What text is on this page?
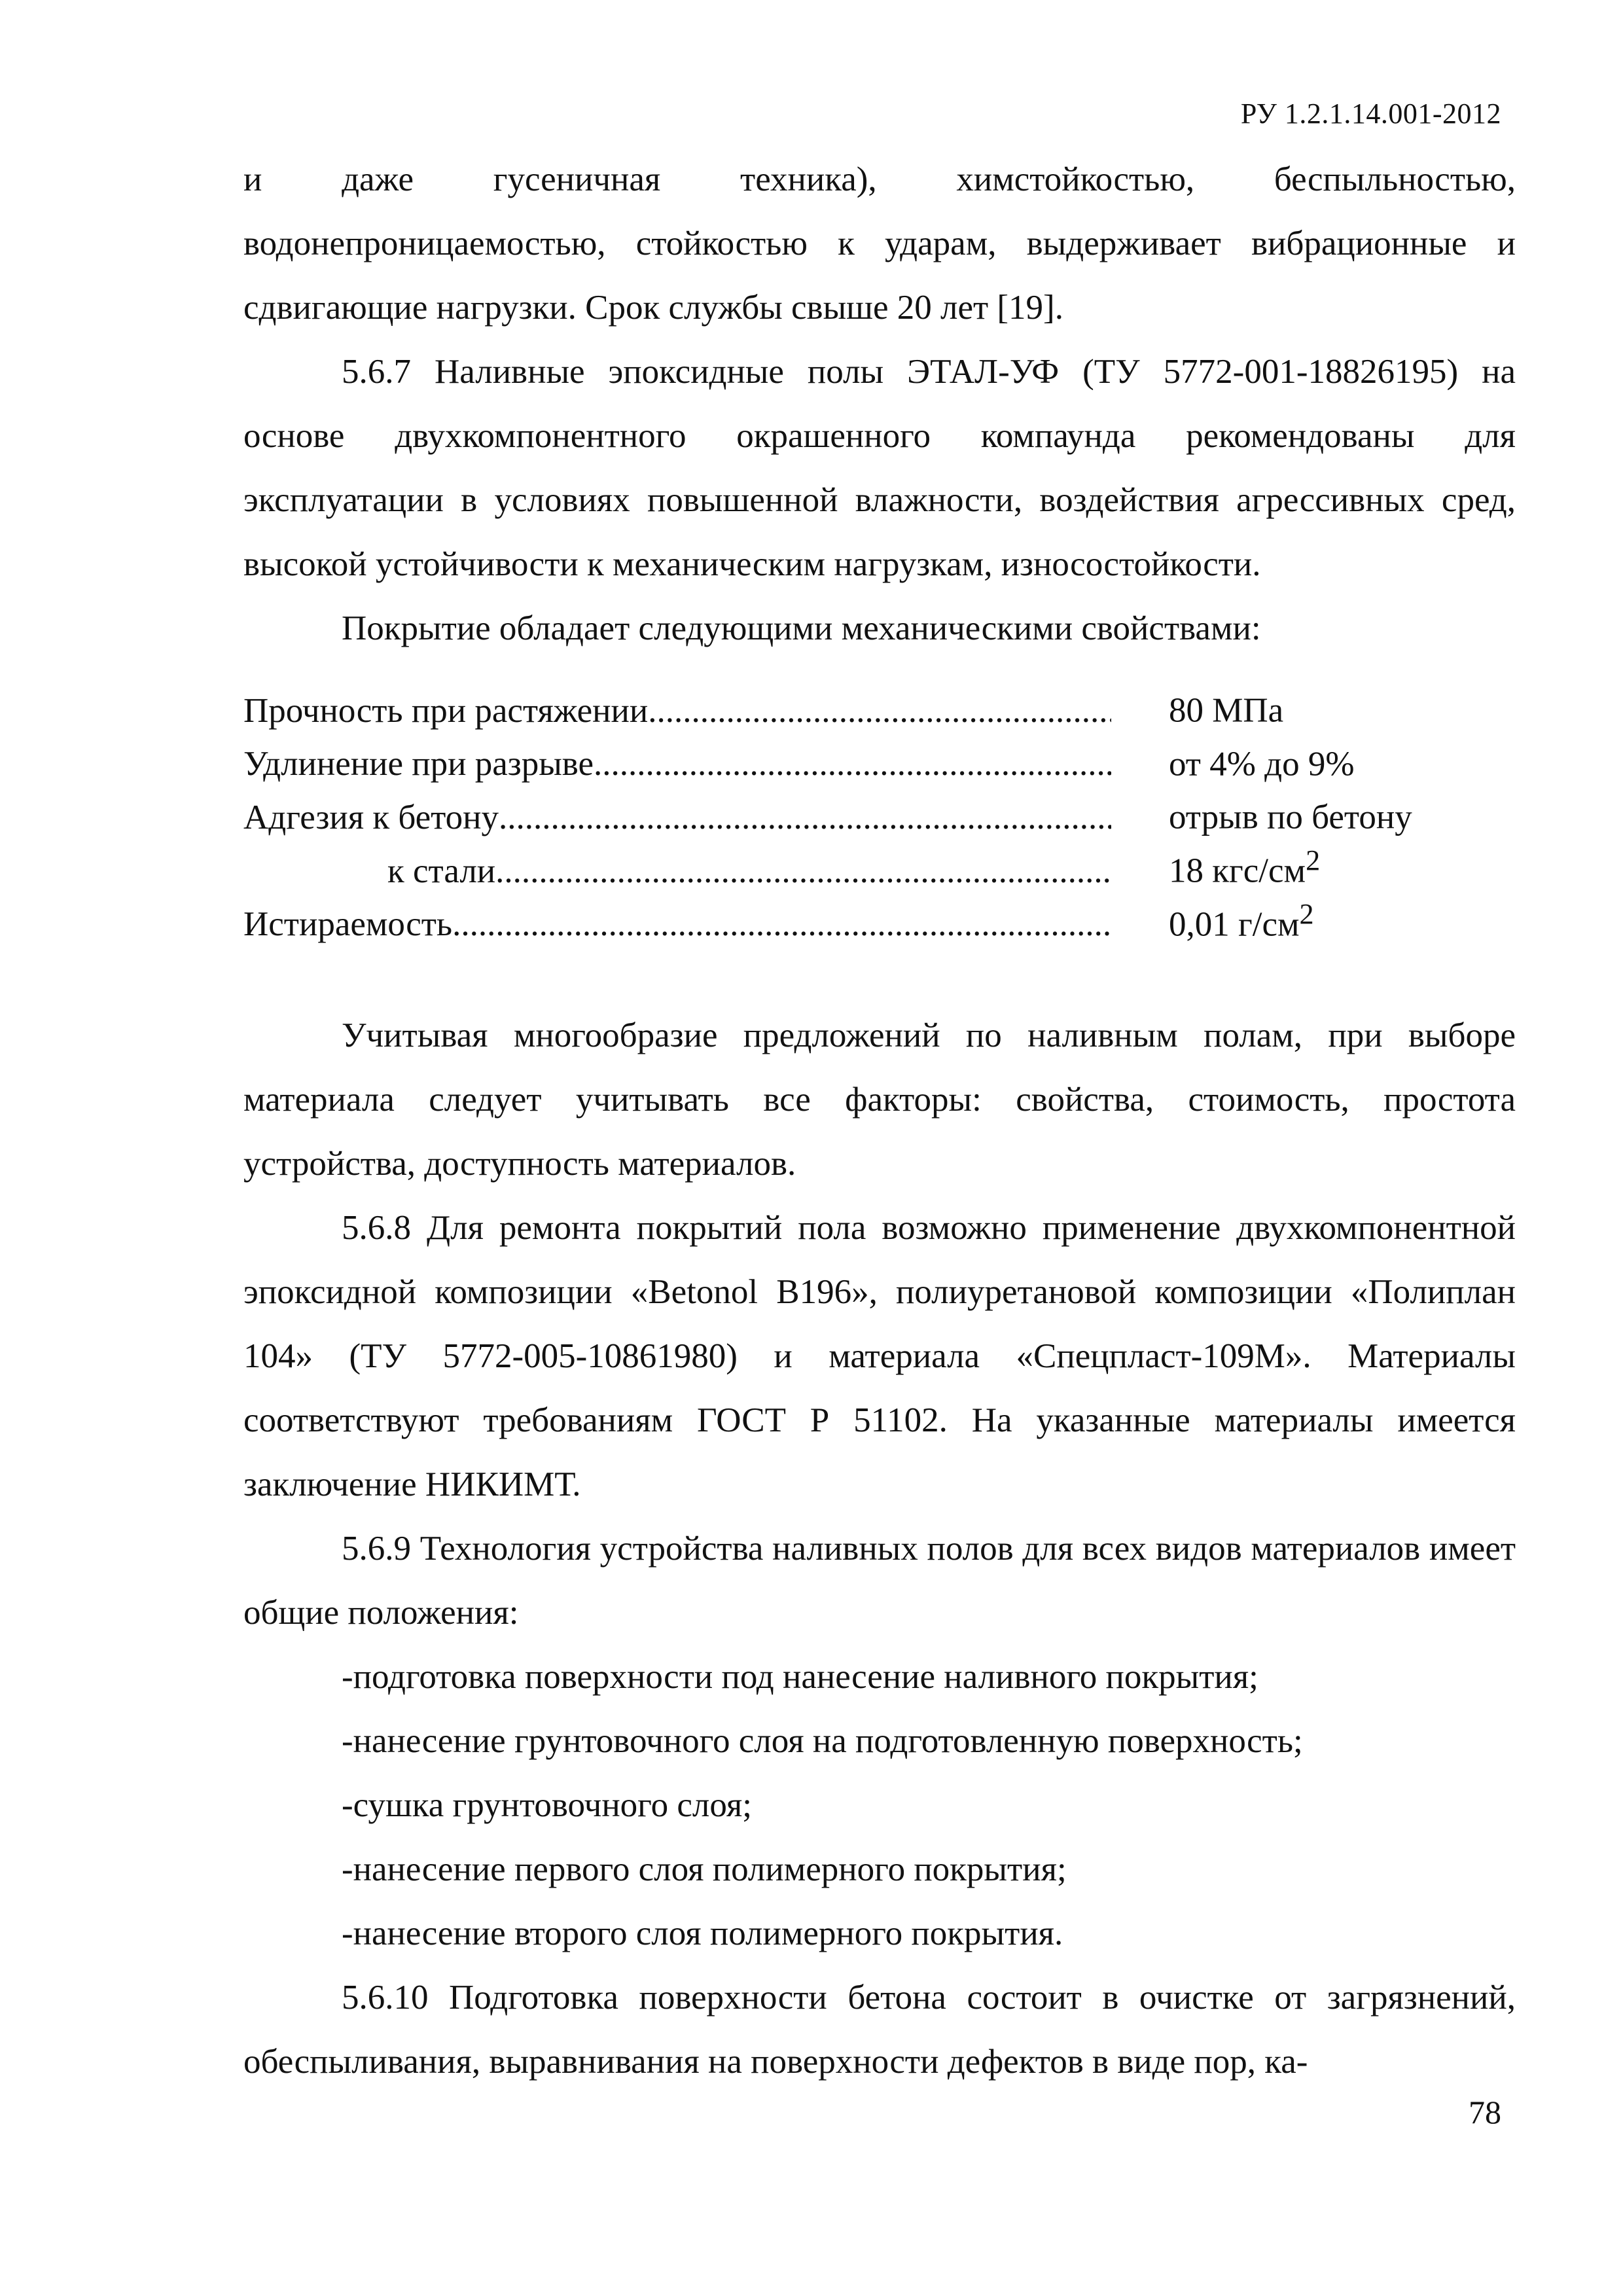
РУ 1.2.1.14.001-2012

и даже гусеничная техника), химстойкостью, беспыльностью, водонепроницаемостью, стойкостью к ударам, выдерживает вибрационные и сдвигающие нагрузки. Срок службы свыше 20 лет [19].

5.6.7 Наливные эпоксидные полы ЭТАЛ-УФ (ТУ 5772-001-18826195) на основе двухкомпонентного окрашенного компаунда рекомендованы для эксплуатации в условиях повышенной влажности, воздействия агрессивных сред, высокой устойчивости к механическим нагрузкам, износостойкости.

Покрытие обладает следующими механическими свойствами:

Прочность при растяжении .....	80 МПа
Удлинение при разрыве .....	от 4% до 9%
Адгезия к бетону .....	отрыв по бетону
к стали .....	18 кгс/$см^2$
Истираемость .....	0,01 $г/см^2$

Учитывая многообразие предложений по наливным полам, при выборе материала следует учитывать все факторы: свойства, стоимость, простота устройства, доступность материалов.

5.6.8 Для ремонта покрытий пола возможно применение двухкомпонентной эпоксидной композиции «Betonol B196», полиуретановой композиции «Полиплан 104» (ТУ 5772-005-10861980) и материала «Спецпласт-109М». Материалы соответствуют требованиям ГОСТ Р 51102. На указанные материалы имеется заключение НИКИМТ.

5.6.9 Технология устройства наливных полов для всех видов материалов имеет общие положения:

-подготовка поверхности под нанесение наливного покрытия;

-нанесение грунтовочного слоя на подготовленную поверхность;

-сушка грунтовочного слоя;

-нанесение первого слоя полимерного покрытия;

-нанесение второго слоя полимерного покрытия.

5.6.10 Подготовка поверхности бетона состоит в очистке от загрязнений, обеспыливания, выравнивания на поверхности дефектов в виде пор, ка-

78
